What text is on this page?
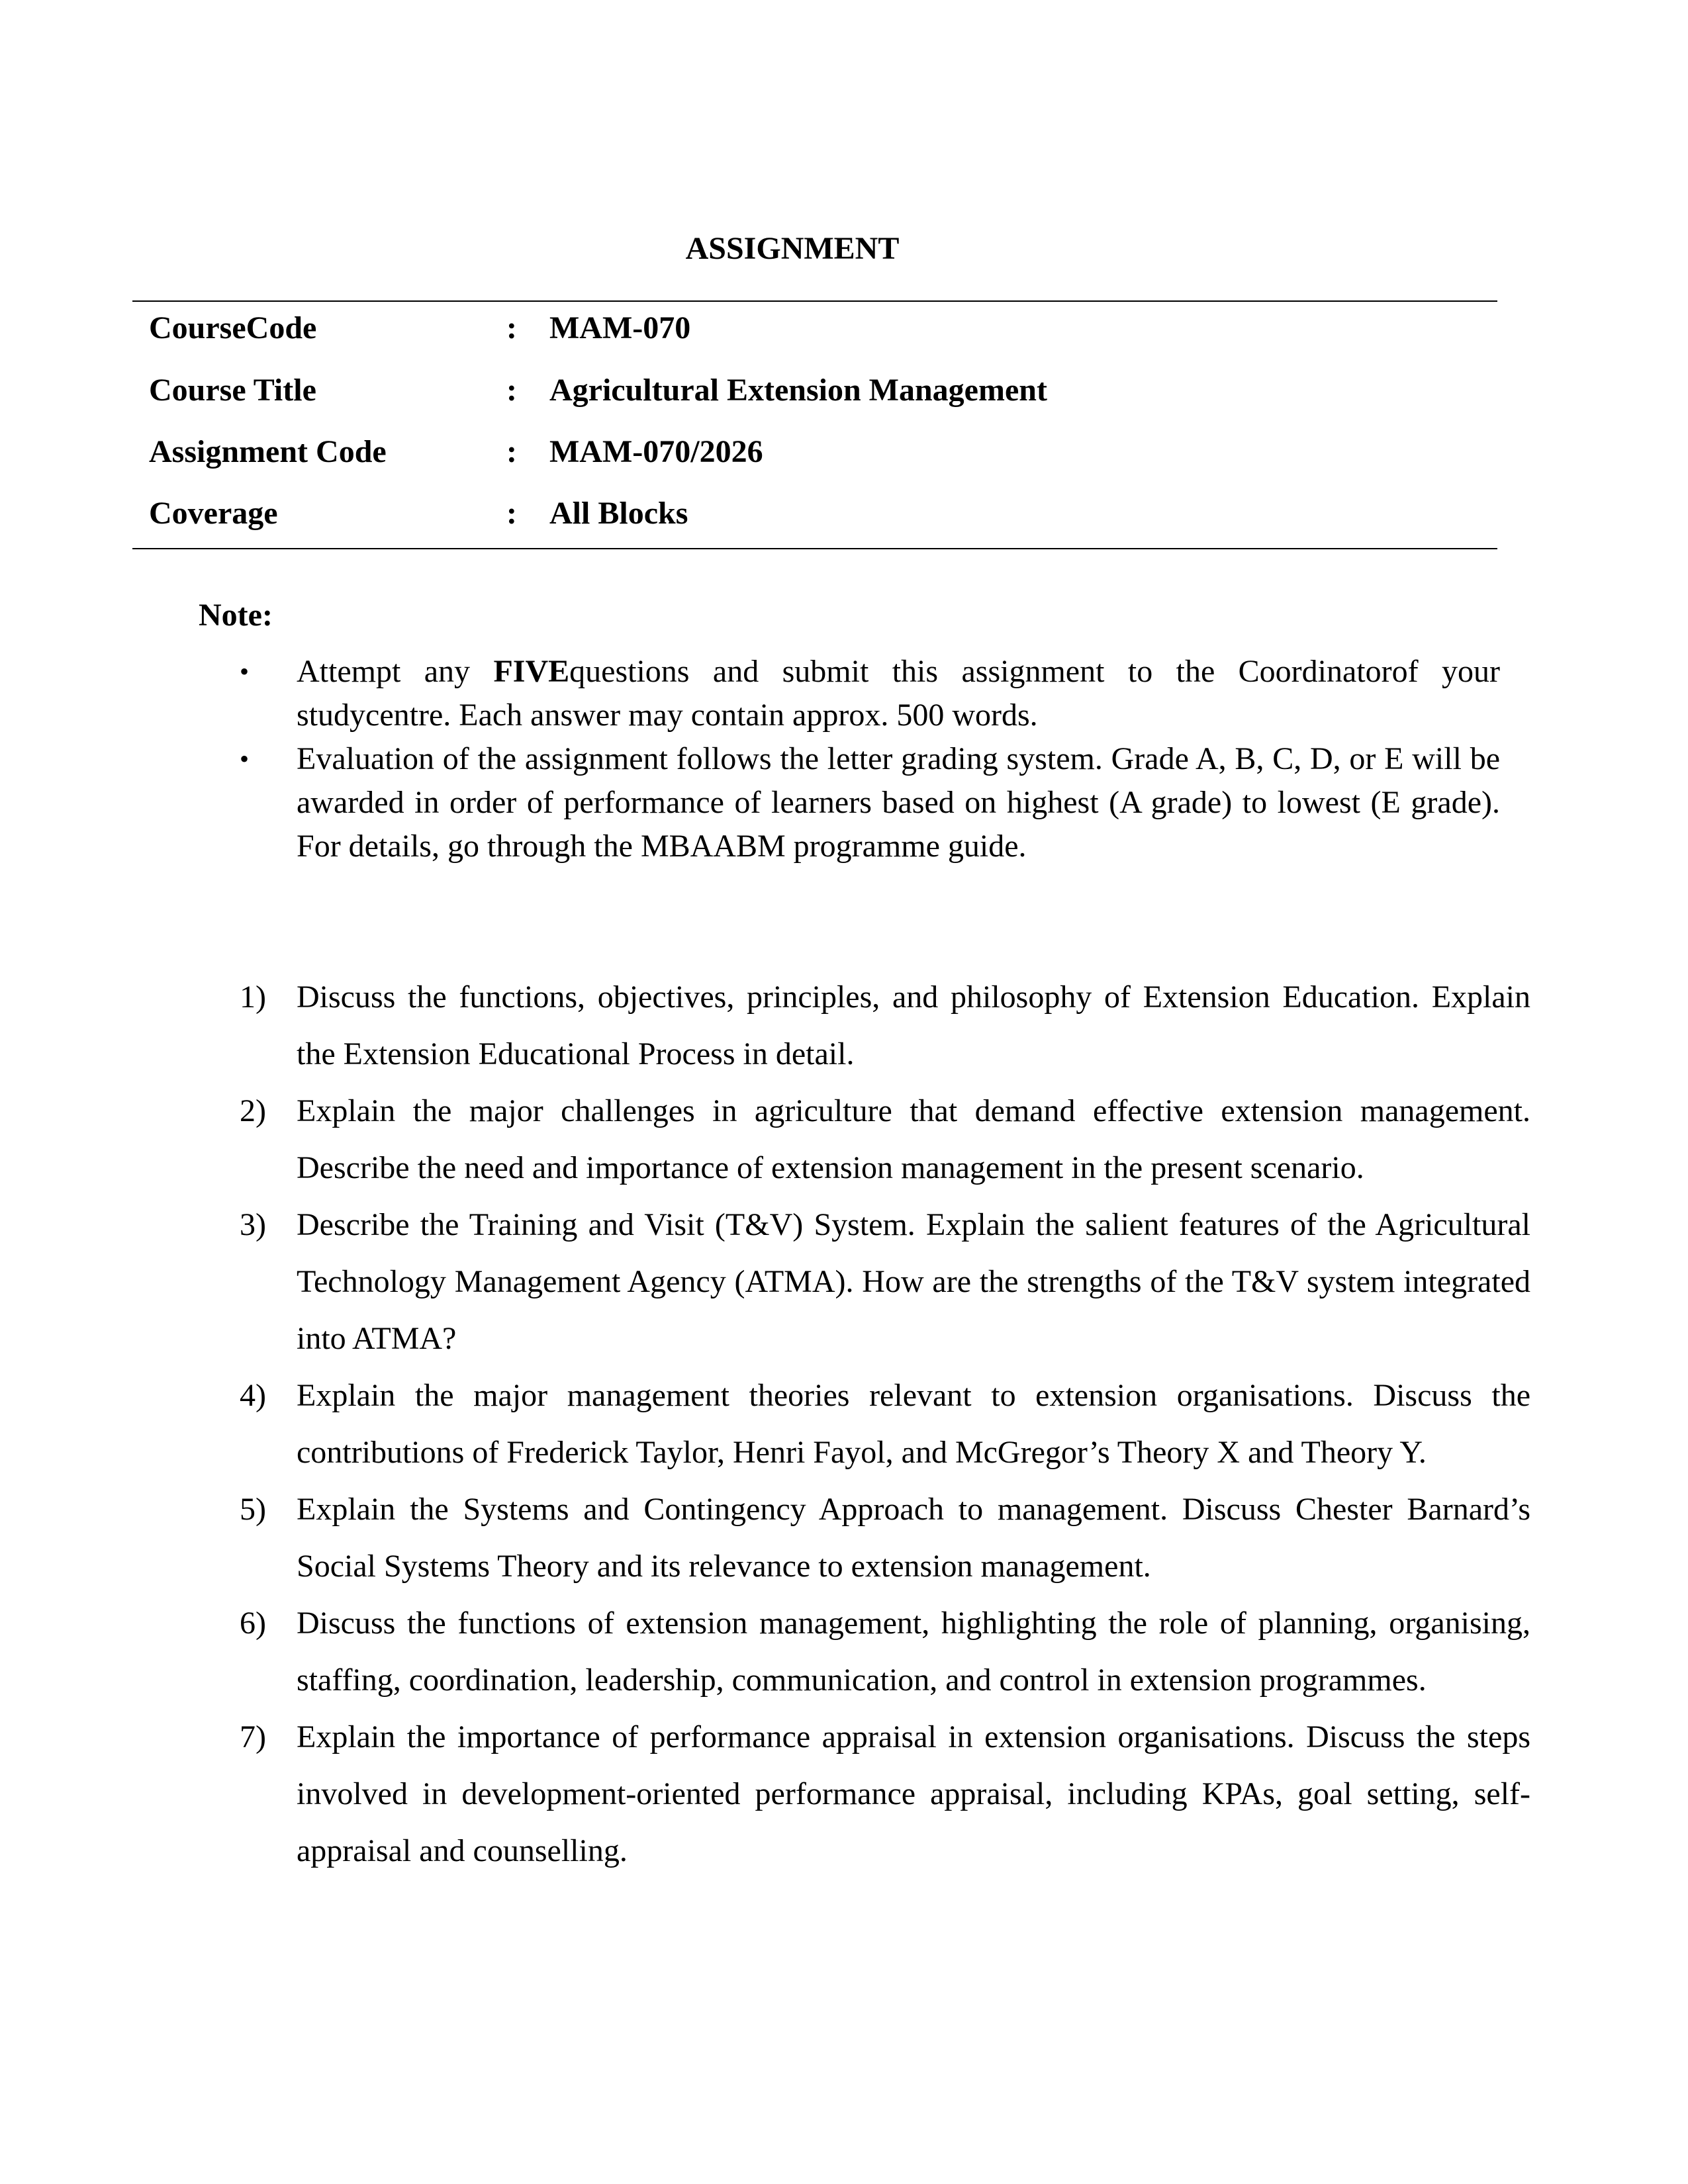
ASSIGNMENT
CourseCode	: MAM-070
Course Title	: Agricultural Extension Management
Assignment Code	: MAM-070/2026
Coverage	: All Blocks
Note:
• Attempt any FIVEquestions and submit this assignment to the Coordinatorof your studycentre. Each answer may contain approx. 500 words.
• Evaluation of the assignment follows the letter grading system. Grade A, B, C, D, or E will be awarded in order of performance of learners based on highest (A grade) to lowest (E grade). For details, go through the MBAABM programme guide.
1) Discuss the functions, objectives, principles, and philosophy of Extension Education. Explain the Extension Educational Process in detail.
2) Explain the major challenges in agriculture that demand effective extension management. Describe the need and importance of extension management in the present scenario.
3) Describe the Training and Visit (T&V) System. Explain the salient features of the Agricultural Technology Management Agency (ATMA). How are the strengths of the T&V system integrated into ATMA?
4) Explain the major management theories relevant to extension organisations. Discuss the contributions of Frederick Taylor, Henri Fayol, and McGregor’s Theory X and Theory Y.
5) Explain the Systems and Contingency Approach to management. Discuss Chester Barnard’s Social Systems Theory and its relevance to extension management.
6) Discuss the functions of extension management, highlighting the role of planning, organising, staffing, coordination, leadership, communication, and control in extension programmes.
7) Explain the importance of performance appraisal in extension organisations. Discuss the steps involved in development-oriented performance appraisal, including KPAs, goal setting, self-appraisal and counselling.
